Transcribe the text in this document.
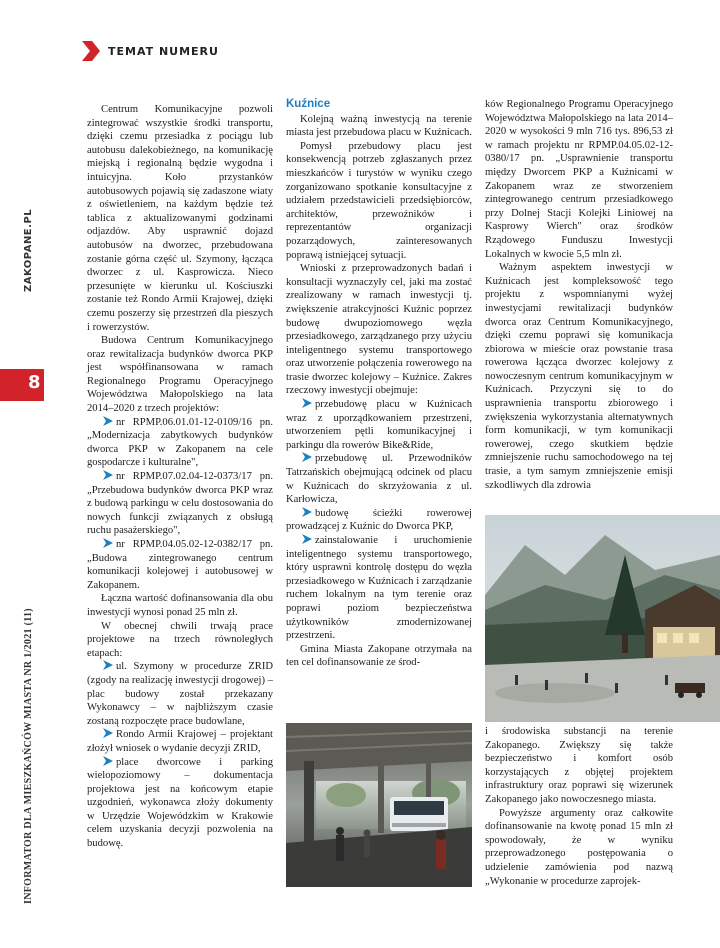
TEMAT NUMERU
ZAKOPANE.PL
8
INFORMATOR DLA MIESZKAŃCÓW MIASTA NR 1/2021 (11)

Centrum Komunikacyjne pozwoli zintegrować wszystkie środki transportu, dzięki czemu przesiadka z pociągu lub autobusu dalekobieżnego, na komunikację miejską i regionalną będzie wygodna i intuicyjna. Koło przystanków autobusowych pojawią się zadaszone wiaty z oświetleniem, na każdym będzie też tablica z aktualizowanymi godzinami odjazdów. Aby usprawnić dojazd autobusów na dworzec, przebudowana zostanie górna część ul. Szymony, łącząca dworzec z ul. Kasprowicza. Nieco przesunięte w kierunku ul. Kościuszki zostanie też Rondo Armii Krajowej, dzięki czemu poszerzy się przestrzeń dla pieszych i rowerzystów.

Budowa Centrum Komunikacyjnego oraz rewitalizacja budynków dworca PKP jest współfinansowana w ramach Regionalnego Programu Operacyjnego Województwa Małopolskiego na lata 2014–2020 z trzech projektów:

nr RPMP.06.01.01-12-0109/16 pn. „Modernizacja zabytkowych budynków dworca PKP w Zakopanem na cele gospodarcze i kulturalne",

nr RPMP.07.02.04-12-0373/17 pn. „Przebudowa budynków dworca PKP wraz z budową parkingu w celu dostosowania do nowych funkcji związanych z obsługą ruchu pasażerskiego",

nr RPMP.04.05.02-12-0382/17 pn. „Budowa zintegrowanego centrum komunikacji kolejowej i autobusowej w Zakopanem.

Łączna wartość dofinansowania dla obu inwestycji wynosi ponad 25 mln zł.

W obecnej chwili trwają prace projektowe na trzech równoległych etapach:

ul. Szymony w procedurze ZRID (zgody na realizację inwestycji drogowej) – plac budowy został przekazany Wykonawcy – w najbliższym czasie zostaną rozpoczęte prace budowlane,

Rondo Armii Krajowej – projektant złożył wniosek o wydanie decyzji ZRID,

place dworcowe i parking wielopoziomowy – dokumentacja projektowa jest na końcowym etapie uzgodnień, wykonawca złoży dokumenty w Urzędzie Wojewódzkim w Krakowie celem uzyskania decyzji pozwolenia na budowę.

Kuźnice

Kolejną ważną inwestycją na terenie miasta jest przebudowa placu w Kuźnicach.

Pomysł przebudowy placu jest konsekwencją potrzeb zgłaszanych przez mieszkańców i turystów w wyniku czego zorganizowano spotkanie konsultacyjne z udziałem przedstawicieli przedsiębiorców, architektów, przewoźników i reprezentantów organizacji pozarządowych, zainteresowanych poprawą istniejącej sytuacji.

Wnioski z przeprowadzonych badań i konsultacji wyznaczyły cel, jaki ma zostać zrealizowany w ramach inwestycji tj. zwiększenie atrakcyjności Kuźnic poprzez budowę dwupoziomowego węzła przesiadkowego, zarządzanego przy użyciu inteligentnego systemu transportowego oraz utworzenie połączenia rowerowego na trasie dworzec kolejowy – Kuźnice. Zakres rzeczowy inwestycji obejmuje:

przebudowę placu w Kuźnicach wraz z uporządkowaniem przestrzeni, utworzeniem pętli komunikacyjnej i parkingu dla rowerów Bike&Ride,

przebudowę ul. Przewodników Tatrzańskich obejmującą odcinek od placu w Kuźnicach do skrzyżowania z ul. Karłowicza,

budowę ścieżki rowerowej prowadzącej z Kuźnic do Dworca PKP,

zainstalowanie i uruchomienie inteligentnego systemu transportowego, który usprawni kontrolę dostępu do węzła przesiadkowego w Kuźnicach i zarządzanie ruchem lokalnym na tym terenie oraz poprawi poziom bezpieczeństwa użytkowników zmodernizowanej przestrzeni.

Gmina Miasta Zakopane otrzymała na ten cel dofinansowanie ze środ-

ków Regionalnego Programu Operacyjnego Województwa Małopolskiego na lata 2014–2020 w wysokości 9 mln 716 tys. 896,53 zł w ramach projektu nr RPMP.04.05.02-12-0380/17 pn. „Usprawnienie transportu między Dworcem PKP a Kuźnicami w Zakopanem wraz ze stworzeniem zintegrowanego centrum przesiadkowego przy Dolnej Stacji Kolejki Liniowej na Kasprowy Wierch" oraz środków Rządowego Funduszu Inwestycji Lokalnych w kwocie 5,5 mln zł.

Ważnym aspektem inwestycji w Kuźnicach jest kompleksowość tego projektu z wspomnianymi wyżej inwestycjami rewitalizacji budynków dworca oraz Centrum Komunikacyjnego, dzięki czemu poprawi się komunikacja zbiorowa w mieście oraz powstanie trasa rowerowa łącząca dworzec kolejowy z nowoczesnym centrum komunikacyjnym w Kuźnicach. Przyczyni się to do usprawnienia transportu zbiorowego i zwiększenia wykorzystania alternatywnych form komunikacji, w tym komunikacji rowerowej, czego skutkiem będzie zmniejszenie ruchu samochodowego na tej trasie, a tym samym zmniejszenie emisji szkodliwych dla zdrowia

i środowiska substancji na terenie Zakopanego. Zwiększy się także bezpieczeństwo i komfort osób korzystających z objętej projektem infrastruktury oraz poprawi się wizerunek Zakopanego jako nowoczesnego miasta.

Powyższe argumenty oraz całkowite dofinansowanie na kwotę ponad 15 mln zł spowodowały, że w wyniku przeprowadzonego postępowania o udzielenie zamówienia pod nazwą „Wykonanie w procedurze zaprojek-
